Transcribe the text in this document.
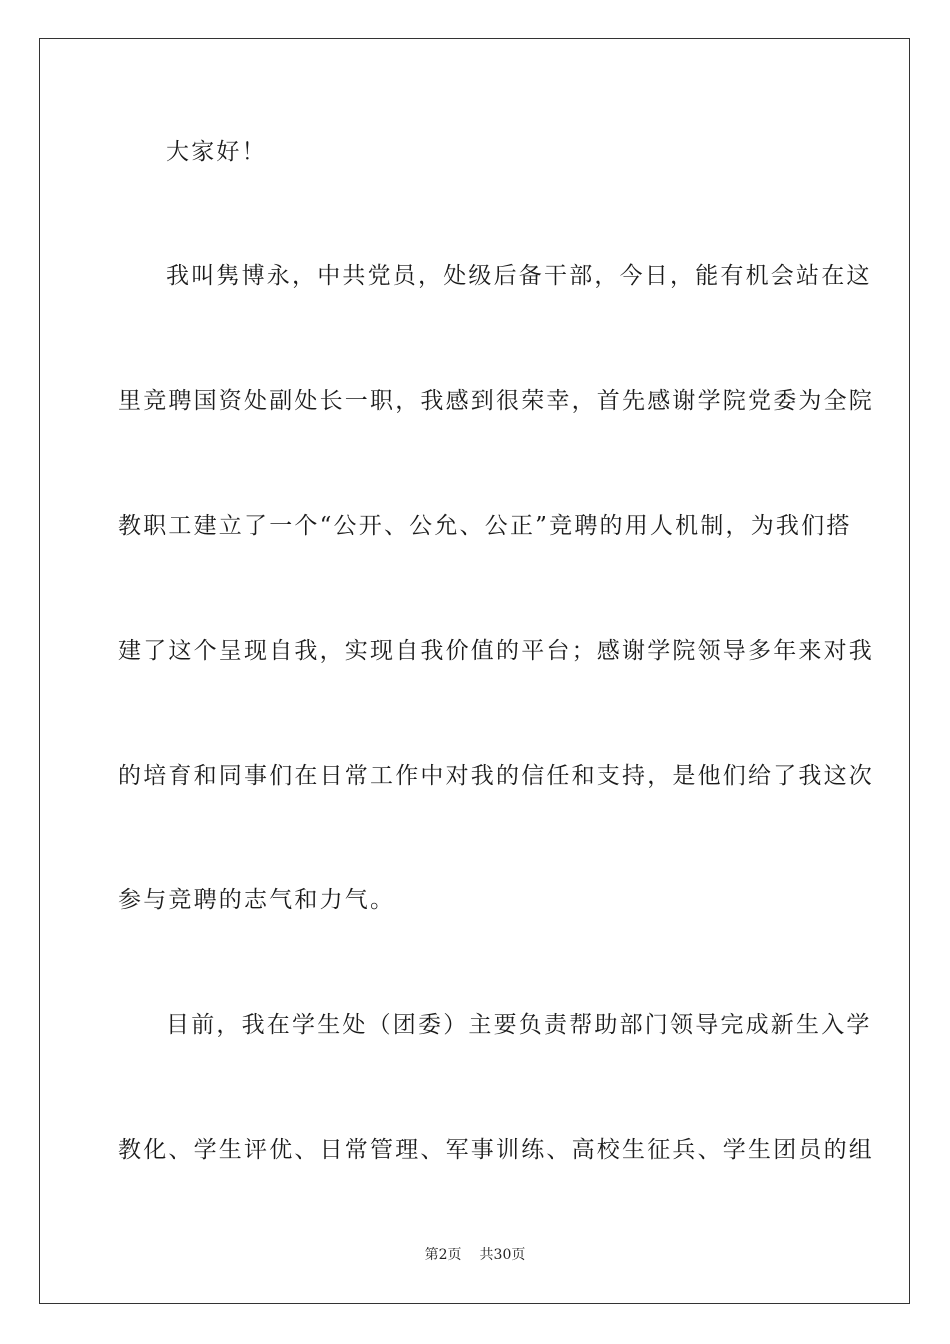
大家好！
我叫隽博永，中共党员，处级后备干部，今日，能有机会站在这
里竞聘国资处副处长一职，我感到很荣幸，首先感谢学院党委为全院
教职工建立了一个“公开、公允、公正”竞聘的用人机制，为我们搭
建了这个呈现自我，实现自我价值的平台；感谢学院领导多年来对我
的培育和同事们在日常工作中对我的信任和支持，是他们给了我这次
参与竞聘的志气和力气。
目前，我在学生处（团委）主要负责帮助部门领导完成新生入学
教化、学生评优、日常管理、军事训练、高校生征兵、学生团员的组
第2页 共30页
